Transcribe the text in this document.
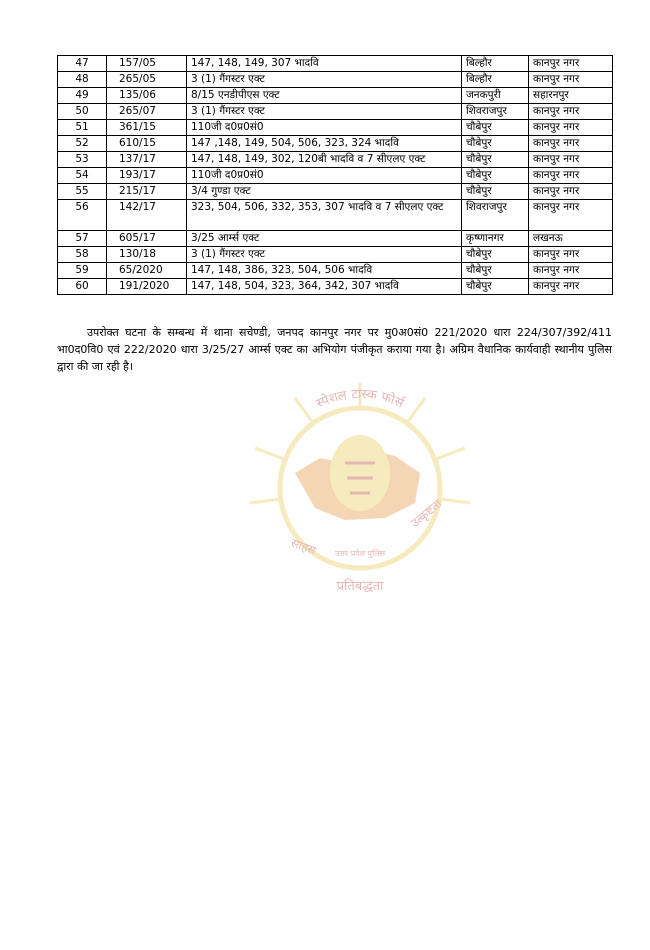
47	157/05	147, 148, 149, 307 भादवि	बिल्हौर	कानपुर नगर
48	265/05	3 (1) गैंगस्टर एक्ट	बिल्हौर	कानपुर नगर
49	135/06	8/15 एनडीपीएस एक्ट	जनकपुरी	सहारनपुर
50	265/07	3 (1) गैंगस्टर एक्ट	शिवराजपुर	कानपुर नगर
51	361/15	110जी द0प्र0सं0	चौबेपुर	कानपुर नगर
52	610/15	147 ,148, 149, 504, 506, 323, 324 भादवि	चौबेपुर	कानपुर नगर
53	137/17	147, 148, 149, 302, 120बी भादवि व 7 सीएलए एक्ट	चौबेपुर	कानपुर नगर
54	193/17	110जी द0प्र0सं0	चौबेपुर	कानपुर नगर
55	215/17	3/4 गुण्डा एक्ट	चौबेपुर	कानपुर नगर
56	142/17	323, 504, 506, 332, 353, 307 भादवि व 7 सीएलए एक्ट	शिवराजपुर	कानपुर नगर
57	605/17	3/25 आर्म्स एक्ट	कृष्णानगर	लखनऊ
58	130/18	3 (1) गैंगस्टर एक्ट	चौबेपुर	कानपुर नगर
59	65/2020	147, 148, 386, 323, 504, 506 भादवि	चौबेपुर	कानपुर नगर
60	191/2020	147, 148, 504, 323, 364, 342, 307 भादवि	चौबेपुर	कानपुर नगर

उपरोक्त घटना के सम्बन्ध में थाना सचेण्डी, जनपद कानपुर नगर पर मु0अ0सं0 221/2020 धारा 224/307/392/411 भा0द0वि0 एवं 222/2020 धारा 3/25/27 आर्म्स एक्ट का अभियोग पंजीकृत कराया गया है। अग्रिम वैधानिक कार्यवाही स्थानीय पुलिस द्वारा की जा रही है।

स्पेशल टास्क फोर्स
साहस
उत्कृष्टता
उत्तर प्रदेश पुलिस
प्रतिबद्धता
